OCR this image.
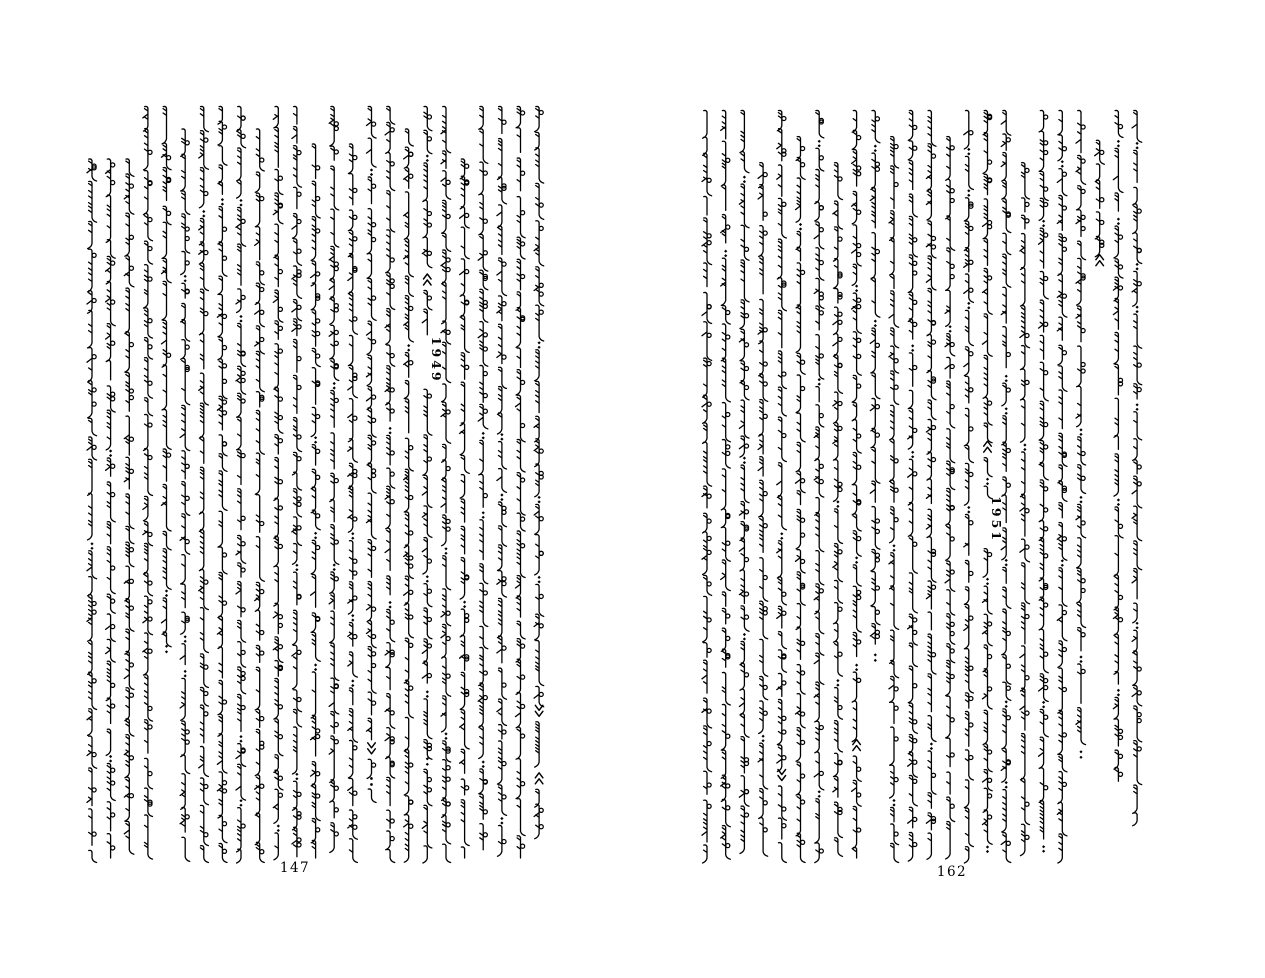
1949
147
1951
162
